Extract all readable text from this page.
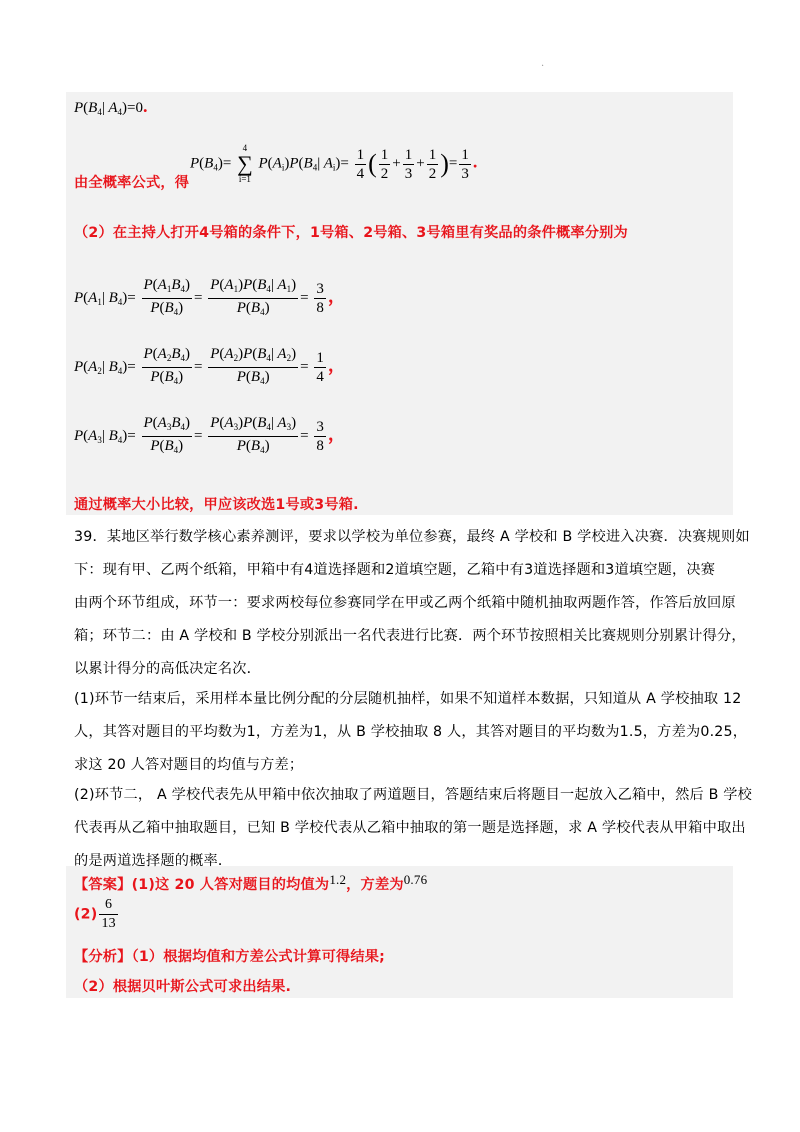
.
$P(B_4|$ $A_4)=0$.
由全概率公式，得
$P(B_4)=$
4
∑
i=1
$P(A_i)P(B_4|$ $A_i)= \frac{1}{4}$ ( $\frac{1}{2} + \frac{1}{3} + \frac{1}{2}$ )= $\frac{1}{3}$ .
（2）在主持人打开4号箱的条件下，1号箱、2号箱、3号箱里有奖品的条件概率分别为
$P(A_1|$ $B_4)= \frac{P(A_1B_4)}{P(B_4)} = \frac{P(A_1)P(B_4| A_1)}{P(B_4)} = \frac{3}{8}$ ，
$P(A_2|$ $B_4)= \frac{P(A_2B_4)}{P(B_4)} = \frac{P(A_2)P(B_4| A_2)}{P(B_4)} = \frac{1}{4}$ ，
$P(A_3|$ $B_4)= \frac{P(A_3B_4)}{P(B_4)} = \frac{P(A_3)P(B_4| A_3)}{P(B_4)} = \frac{3}{8}$ ，
通过概率大小比较，甲应该改选1号或3号箱.
39．某地区举行数学核心素养测评，要求以学校为单位参赛，最终 A 学校和 B 学校进入决赛．决赛规则如
下：现有甲、乙两个纸箱，甲箱中有4道选择题和2道填空题，乙箱中有3道选择题和3道填空题，决赛
由两个环节组成，环节一：要求两校每位参赛同学在甲或乙两个纸箱中随机抽取两题作答，作答后放回原
箱；环节二：由 A 学校和 B 学校分别派出一名代表进行比赛．两个环节按照相关比赛规则分别累计得分，
以累计得分的高低决定名次．
(1)环节一结束后，采用样本量比例分配的分层随机抽样，如果不知道样本数据，只知道从 A 学校抽取 12
人，其答对题目的平均数为1，方差为1，从 B 学校抽取 8 人，其答对题目的平均数为1.5，方差为0.25，
求这 20 人答对题目的均值与方差；
(2)环节二， A 学校代表先从甲箱中依次抽取了两道题目，答题结束后将题目一起放入乙箱中，然后 B 学校
代表再从乙箱中抽取题目，已知 B 学校代表从乙箱中抽取的第一题是选择题，求 A 学校代表从甲箱中取出
的是两道选择题的概率．
【答案】(1)这 20 人答对题目的均值为1.2，方差为0.76
$(2) \frac{6}{13}$
【分析】（1）根据均值和方差公式计算可得结果;
（2）根据贝叶斯公式可求出结果.
